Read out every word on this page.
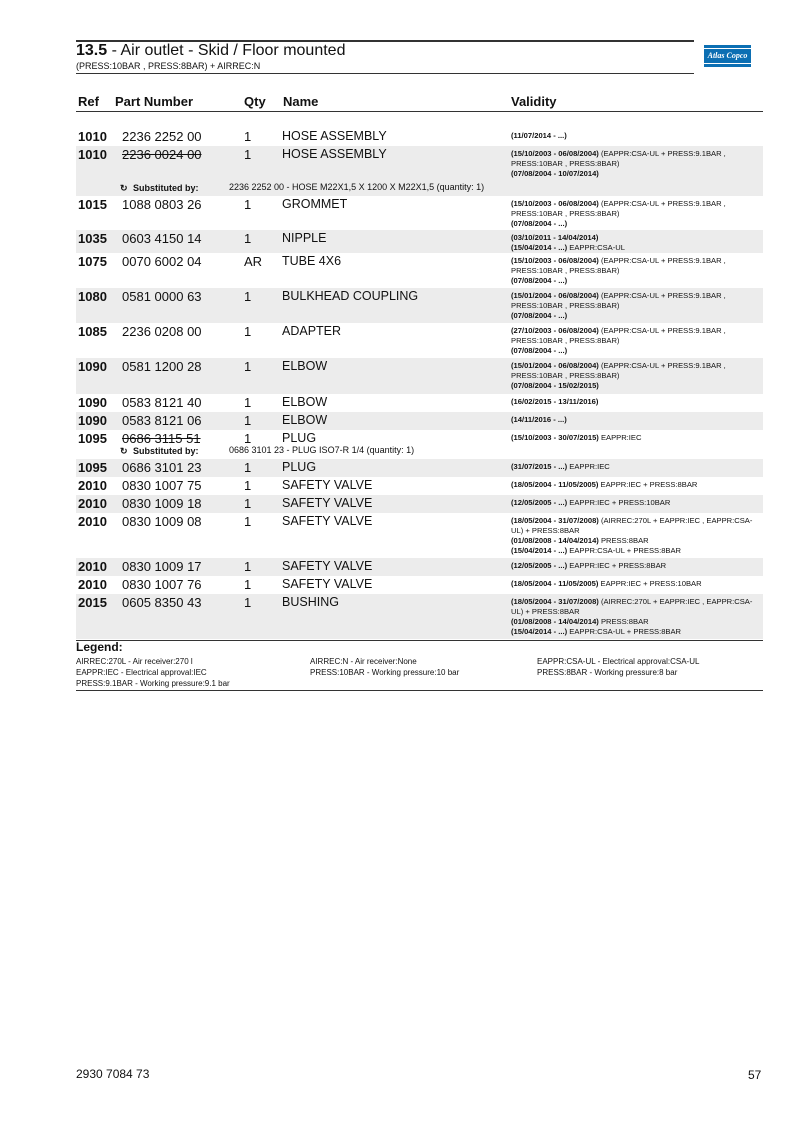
13.5 - Air outlet - Skid / Floor mounted
(PRESS:10BAR , PRESS:8BAR) + AIRREC:N
Atlas Copco
Ref Part Number	Qty Name	Validity
1010 2236 2252 00	1 HOSE ASSEMBLY	(11/07/2014 - ...)
1010 2236 0024 00	1 HOSE ASSEMBLY	(15/10/2003 - 06/08/2004) (EAPPR:CSA-UL + PRESS:9.1BAR , PRESS:10BAR , PRESS:8BAR)
(07/08/2004 - 10/07/2014)
↻ Substituted by:	2236 2252 00 - HOSE M22X1,5 X 1200 X M22X1,5 (quantity: 1)
1015 1088 0803 26	1 GROMMET	(15/10/2003 - 06/08/2004) (EAPPR:CSA-UL + PRESS:9.1BAR , PRESS:10BAR , PRESS:8BAR)
(07/08/2004 - ...)
1035 0603 4150 14	1 NIPPLE	(03/10/2011 - 14/04/2014)
(15/04/2014 - ...) EAPPR:CSA-UL
1075 0070 6002 04	AR TUBE 4X6	(15/10/2003 - 06/08/2004) (EAPPR:CSA-UL + PRESS:9.1BAR , PRESS:10BAR , PRESS:8BAR)
(07/08/2004 - ...)
1080 0581 0000 63	1 BULKHEAD COUPLING	(15/01/2004 - 06/08/2004) (EAPPR:CSA-UL + PRESS:9.1BAR , PRESS:10BAR , PRESS:8BAR)
(07/08/2004 - ...)
1085 2236 0208 00	1 ADAPTER	(27/10/2003 - 06/08/2004) (EAPPR:CSA-UL + PRESS:9.1BAR , PRESS:10BAR , PRESS:8BAR)
(07/08/2004 - ...)
1090 0581 1200 28	1 ELBOW	(15/01/2004 - 06/08/2004) (EAPPR:CSA-UL + PRESS:9.1BAR , PRESS:10BAR , PRESS:8BAR)
(07/08/2004 - 15/02/2015)
1090 0583 8121 40	1 ELBOW	(16/02/2015 - 13/11/2016)
1090 0583 8121 06	1 ELBOW	(14/11/2016 - ...)
1095 0686 3115 51	1 PLUG	(15/10/2003 - 30/07/2015) EAPPR:IEC
↻ Substituted by:	0686 3101 23 - PLUG ISO7-R 1/4 (quantity: 1)
1095 0686 3101 23	1 PLUG	(31/07/2015 - ...) EAPPR:IEC
2010 0830 1007 75	1 SAFETY VALVE	(18/05/2004 - 11/05/2005) EAPPR:IEC + PRESS:8BAR
2010 0830 1009 18	1 SAFETY VALVE	(12/05/2005 - ...) EAPPR:IEC + PRESS:10BAR
2010 0830 1009 08	1 SAFETY VALVE	(18/05/2004 - 31/07/2008) (AIRREC:270L + EAPPR:IEC , EAPPR:CSA-UL) + PRESS:8BAR
(01/08/2008 - 14/04/2014) PRESS:8BAR
(15/04/2014 - ...) EAPPR:CSA-UL + PRESS:8BAR
2010 0830 1009 17	1 SAFETY VALVE	(12/05/2005 - ...) EAPPR:IEC + PRESS:8BAR
2010 0830 1007 76	1 SAFETY VALVE	(18/05/2004 - 11/05/2005) EAPPR:IEC + PRESS:10BAR
2015 0605 8350 43	1 BUSHING	(18/05/2004 - 31/07/2008) (AIRREC:270L + EAPPR:IEC , EAPPR:CSA-UL) + PRESS:8BAR
(01/08/2008 - 14/04/2014) PRESS:8BAR
(15/04/2014 - ...) EAPPR:CSA-UL + PRESS:8BAR
Legend:
AIRREC:270L - Air receiver:270 l	AIRREC:N - Air receiver:None	EAPPR:CSA-UL - Electrical approval:CSA-UL
EAPPR:IEC - Electrical approval:IEC	PRESS:10BAR - Working pressure:10 bar	PRESS:8BAR - Working pressure:8 bar
PRESS:9.1BAR - Working pressure:9.1 bar
2930 7084 73	57
